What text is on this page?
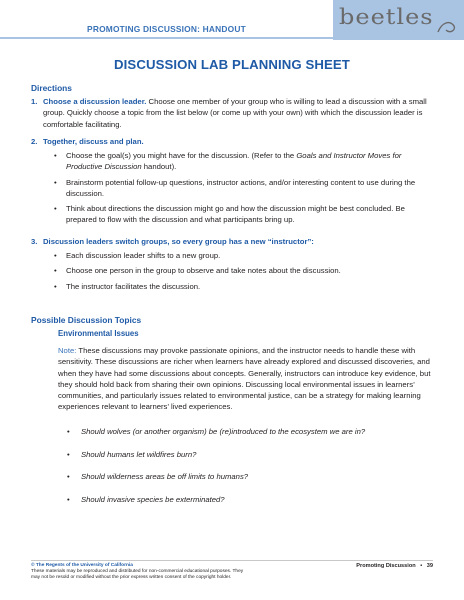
PROMOTING DISCUSSION: HANDOUT	beetles
DISCUSSION LAB PLANNING SHEET
Directions
1. Choose a discussion leader. Choose one member of your group who is willing to lead a discussion with a small group. Quickly choose a topic from the list below (or come up with your own) with which the discussion leader is comfortable facilitating.
2. Together, discuss and plan.
• Choose the goal(s) you might have for the discussion. (Refer to the Goals and Instructor Moves for Productive Discussion handout).
• Brainstorm potential follow-up questions, instructor actions, and/or interesting content to use during the discussion.
• Think about directions the discussion might go and how the discussion might be best concluded. Be prepared to flow with the discussion and what participants bring up.
3. Discussion leaders switch groups, so every group has a new “instructor”:
• Each discussion leader shifts to a new group.
• Choose one person in the group to observe and take notes about the discussion.
• The instructor facilitates the discussion.
Possible Discussion Topics
Environmental Issues
Note: These discussions may provoke passionate opinions, and the instructor needs to handle these with sensitivity. These discussions are richer when learners have already explored and discussed discoveries, and when they have had some discussions about concepts. Generally, instructors can introduce key evidence, but they should hold back from sharing their own opinions. Discussing local environmental issues in learners’ communities, and particularly issues related to environmental justice, can be a strategy for making learning experiences relevant to learners’ lived experiences.
• Should wolves (or another organism) be (re)introduced to the ecosystem we are in?
• Should humans let wildfires burn?
• Should wilderness areas be off limits to humans?
• Should invasive species be exterminated?
© The Regents of the University of California
These materials may be reproduced and distributed for non-commercial educational purposes. They
may not be resold or modified without the prior express written consent of the copyright holder.
Promoting Discussion • 39
